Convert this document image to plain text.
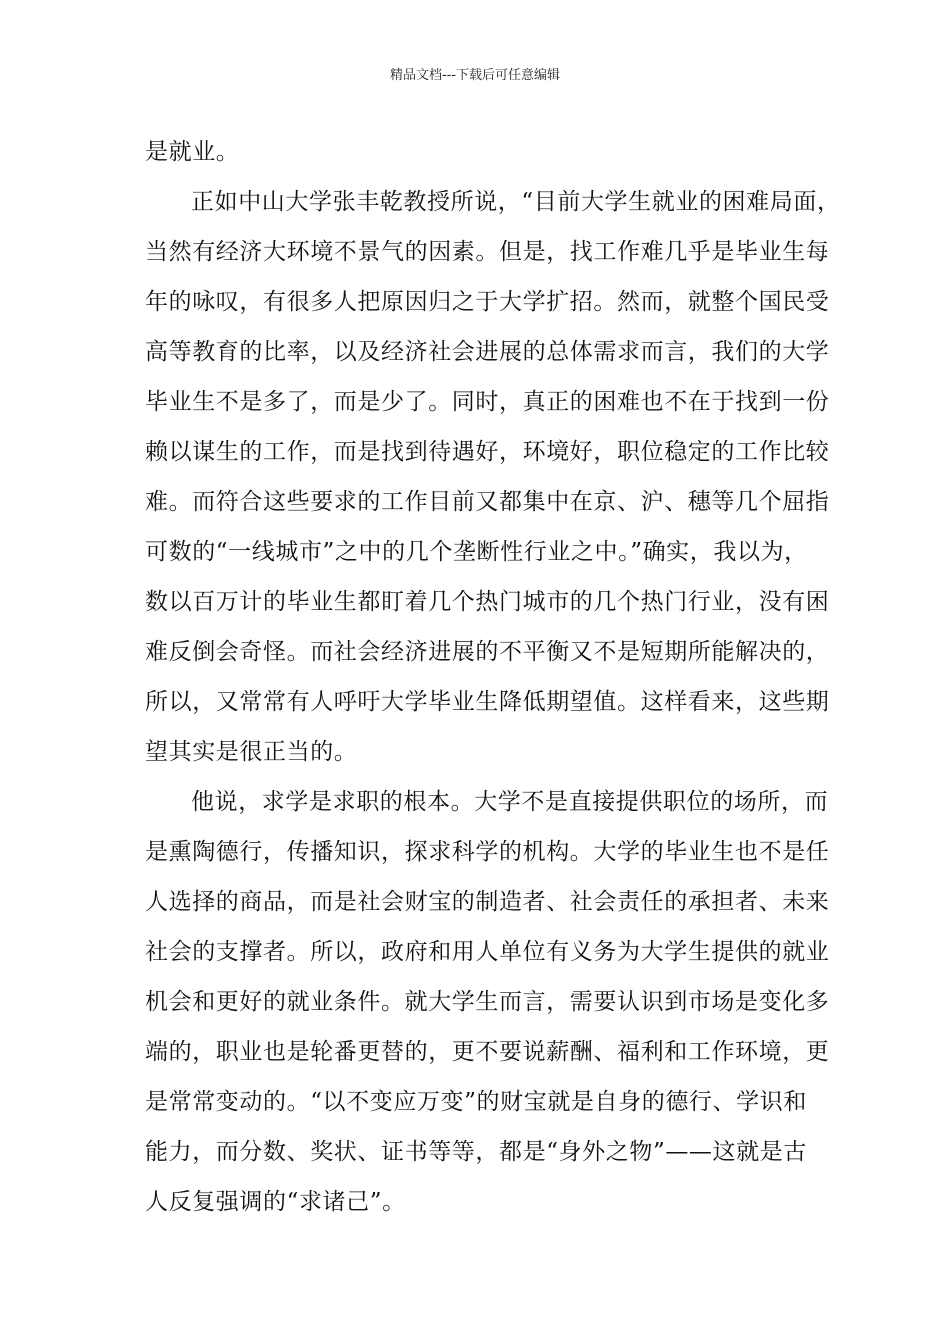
精品文档---下载后可任意编辑
是就业。
正如中山大学张丰乾教授所说，“目前大学生就业的困难局面，
当然有经济大环境不景气的因素。但是，找工作难几乎是毕业生每
年的咏叹，有很多人把原因归之于大学扩招。然而，就整个国民受
高等教育的比率，以及经济社会进展的总体需求而言，我们的大学
毕业生不是多了，而是少了。同时，真正的困难也不在于找到一份
赖以谋生的工作，而是找到待遇好，环境好，职位稳定的工作比较
难。而符合这些要求的工作目前又都集中在京、沪、穗等几个屈指
可数的“一线城市”之中的几个垄断性行业之中。”确实，我以为，
数以百万计的毕业生都盯着几个热门城市的几个热门行业，没有困
难反倒会奇怪。而社会经济进展的不平衡又不是短期所能解决的，
所以，又常常有人呼吁大学毕业生降低期望值。这样看来，这些期
望其实是很正当的。
他说，求学是求职的根本。大学不是直接提供职位的场所，而
是熏陶德行，传播知识，探求科学的机构。大学的毕业生也不是任
人选择的商品，而是社会财宝的制造者、社会责任的承担者、未来
社会的支撑者。所以，政府和用人单位有义务为大学生提供的就业
机会和更好的就业条件。就大学生而言，需要认识到市场是变化多
端的，职业也是轮番更替的，更不要说薪酬、福利和工作环境，更
是常常变动的。“以不变应万变”的财宝就是自身的德行、学识和
能力，而分数、奖状、证书等等，都是“身外之物”——这就是古
人反复强调的“求诸己”。
